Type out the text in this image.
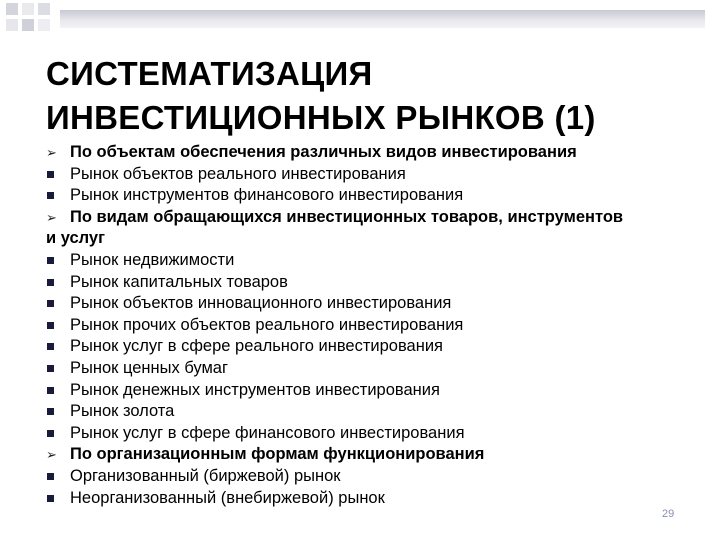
СИСТЕМАТИЗАЦИЯ
ИНВЕСТИЦИОННЫХ РЫНКОВ (1)
➢ По объектам обеспечения различных видов инвестирования
Рынок объектов реального инвестирования
Рынок инструментов финансового инвестирования
➢ По видам обращающихся инвестиционных товаров, инструментов
и услуг
Рынок недвижимости
Рынок капитальных товаров
Рынок объектов инновационного инвестирования
Рынок прочих объектов реального инвестирования
Рынок услуг в сфере реального инвестирования
Рынок ценных бумаг
Рынок денежных инструментов инвестирования
Рынок золота
Рынок услуг в сфере финансового инвестирования
➢ По организационным формам функционирования
Организованный (биржевой) рынок
Неорганизованный (внебиржевой) рынок
29
